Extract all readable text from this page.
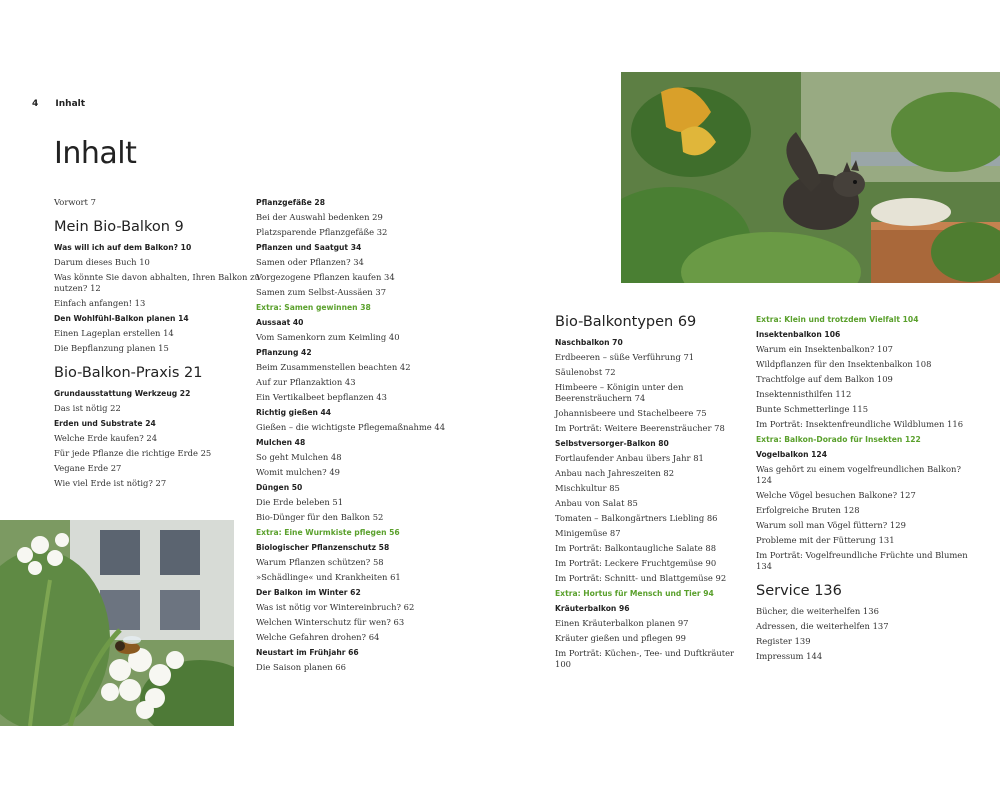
4 Inhalt
Inhalt
Vorwort 7
Mein Bio-Balkon 9
Was will ich auf dem Balkon? 10
Darum dieses Buch 10
Was könnte Sie davon abhalten, Ihren Balkon zu nutzen? 12
Einfach anfangen! 13
Den Wohlfühl-Balkon planen 14
Einen Lageplan erstellen 14
Die Bepflanzung planen 15
Bio-Balkon-Praxis 21
Grundausstattung Werkzeug 22
Das ist nötig 22
Erden und Substrate 24
Welche Erde kaufen? 24
Für jede Pflanze die richtige Erde 25
Vegane Erde 27
Wie viel Erde ist nötig? 27
Pflanzgefäße 28
Bei der Auswahl bedenken 29
Platzsparende Pflanzgefäße 32
Pflanzen und Saatgut 34
Samen oder Pflanzen? 34
Vorgezogene Pflanzen kaufen 34
Samen zum Selbst-Aussäen 37
Extra: Samen gewinnen 38
Aussaat 40
Vom Samenkorn zum Keimling 40
Pflanzung 42
Beim Zusammenstellen beachten 42
Auf zur Pflanzaktion 43
Ein Vertikalbeet bepflanzen 43
Richtig gießen 44
Gießen – die wichtigste Pflegemaßnahme 44
Mulchen 48
So geht Mulchen 48
Womit mulchen? 49
Düngen 50
Die Erde beleben 51
Bio-Dünger für den Balkon 52
Extra: Eine Wurmkiste pflegen 56
Biologischer Pflanzenschutz 58
Warum Pflanzen schützen? 58
»Schädlinge« und Krankheiten 61
Der Balkon im Winter 62
Was ist nötig vor Wintereinbruch? 62
Welchen Winterschutz für wen? 63
Welche Gefahren drohen? 64
Neustart im Frühjahr 66
Die Saison planen 66
Bio-Balkontypen 69
Naschbalkon 70
Erdbeeren – süße Verführung 71
Säulenobst 72
Himbeere – Königin unter den Beerensträuchern 74
Johannisbeere und Stachelbeere 75
Im Porträt: Weitere Beerensträucher 78
Selbstversorger-Balkon 80
Fortlaufender Anbau übers Jahr 81
Anbau nach Jahreszeiten 82
Mischkultur 85
Anbau von Salat 85
Tomaten – Balkongärtners Liebling 86
Minigemüse 87
Im Porträt: Balkontaugliche Salate 88
Im Porträt: Leckere Fruchtgemüse 90
Im Porträt: Schnitt- und Blattgemüse 92
Extra: Hortus für Mensch und Tier 94
Kräuterbalkon 96
Einen Kräuterbalkon planen 97
Kräuter gießen und pflegen 99
Im Porträt: Küchen-, Tee- und Duftkräuter 100
Extra: Klein und trotzdem Vielfalt 104
Insektenbalkon 106
Warum ein Insektenbalkon? 107
Wildpflanzen für den Insektenbalkon 108
Trachtfolge auf dem Balkon 109
Insektennisthilfen 112
Bunte Schmetterlinge 115
Im Porträt: Insektenfreundliche Wildblumen 116
Extra: Balkon-Dorado für Insekten 122
Vogelbalkon 124
Was gehört zu einem vogelfreundlichen Balkon? 124
Welche Vögel besuchen Balkone? 127
Erfolgreiche Bruten 128
Warum soll man Vögel füttern? 129
Probleme mit der Fütterung 131
Im Porträt: Vogelfreundliche Früchte und Blumen 134
Service 136
Bücher, die weiterhelfen 136
Adressen, die weiterhelfen 137
Register 139
Impressum 144
